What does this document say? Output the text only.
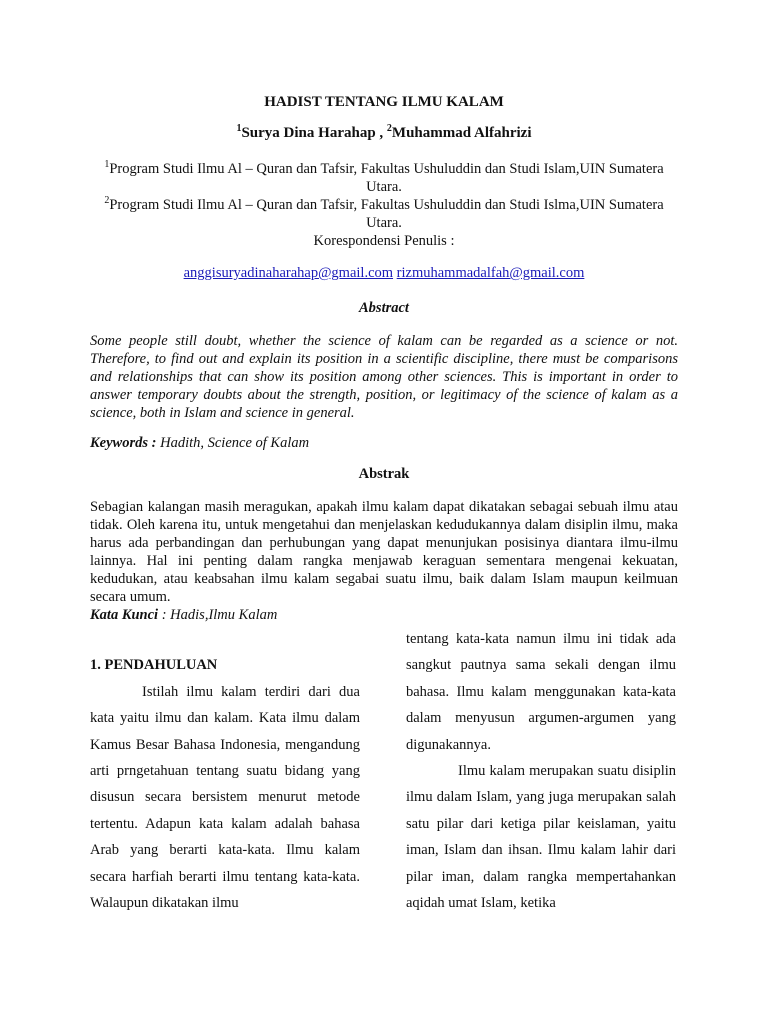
HADIST TENTANG ILMU KALAM
$^1$Surya Dina Harahap , $^2$Muhammad Alfahrizi
$^1$Program Studi Ilmu Al – Quran dan Tafsir, Fakultas Ushuluddin dan Studi Islam,UIN Sumatera Utara.
$^2$Program Studi Ilmu Al – Quran dan Tafsir, Fakultas Ushuluddin dan Studi Islma,UIN Sumatera Utara.
Korespondensi Penulis :
anggisuryadinaharahap@gmail.com rizmuhammadalfah@gmail.com
Abstract
Some people still doubt, whether the science of kalam can be regarded as a science or not. Therefore, to find out and explain its position in a scientific discipline, there must be comparisons and relationships that can show its position among other sciences. This is important in order to answer temporary doubts about the strength, position, or legitimacy of the science of kalam as a science, both in Islam and science in general.
Keywords : Hadith, Science of Kalam
Abstrak
Sebagian kalangan masih meragukan, apakah ilmu kalam dapat dikatakan sebagai sebuah ilmu atau tidak. Oleh karena itu, untuk mengetahui dan menjelaskan kedudukannya dalam disiplin ilmu, maka harus ada perbandingan dan perhubungan yang dapat menunjukan posisinya diantara ilmu-ilmu lainnya. Hal ini penting dalam rangka menjawab keraguan sementara mengenai kekuatan, kedudukan, atau keabsahan ilmu kalam segabai suatu ilmu, baik dalam Islam maupun keilmuan secara umum.
Kata Kunci : Hadis,Ilmu Kalam

1. PENDAHULUAN

Istilah ilmu kalam terdiri dari dua kata yaitu ilmu dan kalam. Kata ilmu dalam Kamus Besar Bahasa Indonesia, mengandung arti prngetahuan tentang suatu bidang yang disusun secara bersistem menurut metode tertentu. Adapun kata kalam adalah bahasa Arab yang berarti kata-kata. Ilmu kalam secara harfiah berarti ilmu tentang kata-kata. Walaupun dikatakan ilmu

tentang kata-kata namun ilmu ini tidak ada sangkut pautnya sama sekali dengan ilmu bahasa. Ilmu kalam menggunakan kata-kata dalam menyusun argumen-argumen yang digunakannya.

Ilmu kalam merupakan suatu disiplin ilmu dalam Islam, yang juga merupakan salah satu pilar dari ketiga pilar keislaman, yaitu iman, Islam dan ihsan. Ilmu kalam lahir dari pilar iman, dalam rangka mempertahankan aqidah umat Islam, ketika
